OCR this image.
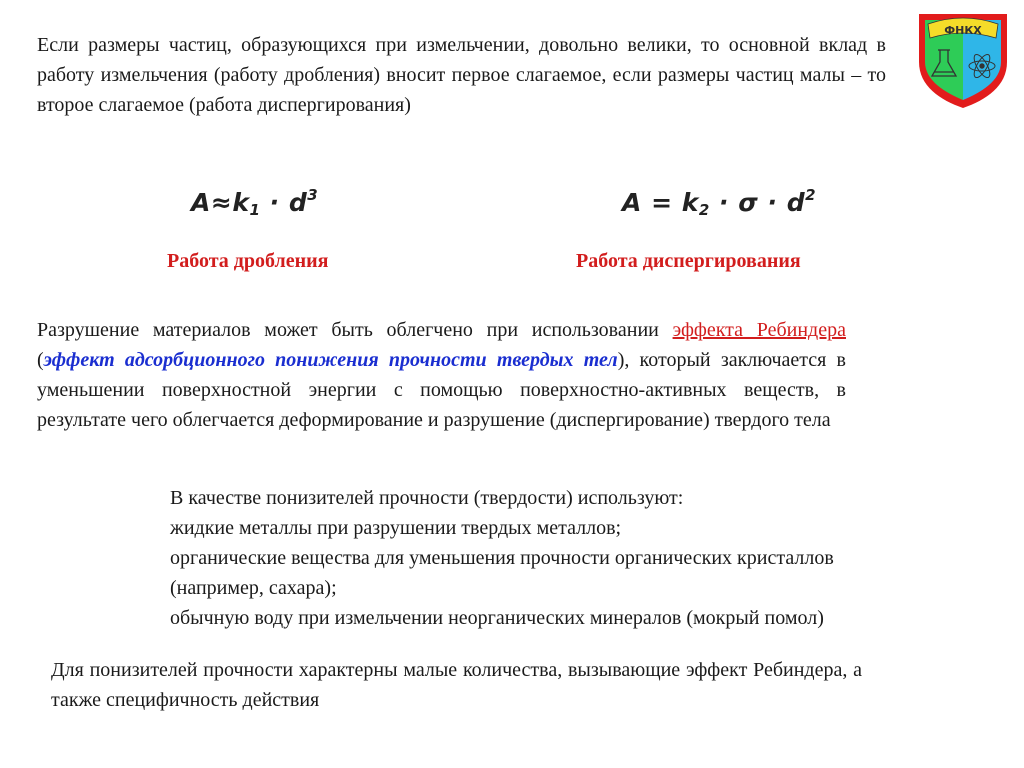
Если размеры частиц, образующихся при измельчении, довольно велики, то основной вклад в работу измельчения (работу дробления) вносит первое слагаемое, если размеры частиц малы – то второе слагаемое (работа диспергирования)

$A\approx k_1 \cdot d^3$	$A = k_2 \cdot \sigma \cdot d^2$
Работа дробления	Работа диспергирования

Разрушение материалов может быть облегчено при использовании эффекта Ребиндера (эффект адсорбционного понижения прочности твердых тел), который заключается в уменьшении поверхностной энергии с помощью поверхностно-активных веществ, в результате чего облегчается деформирование и разрушение (диспергирование) твердого тела

В качестве понизителей прочности (твердости) используют:
жидкие металлы при разрушении твердых металлов;
органические вещества для уменьшения прочности органических кристаллов
(например, сахара);
обычную воду при измельчении неорганических минералов (мокрый помол)

Для понизителей прочности характерны малые количества, вызывающие эффект Ребиндера, а также специфичность действия

ФНКХ
